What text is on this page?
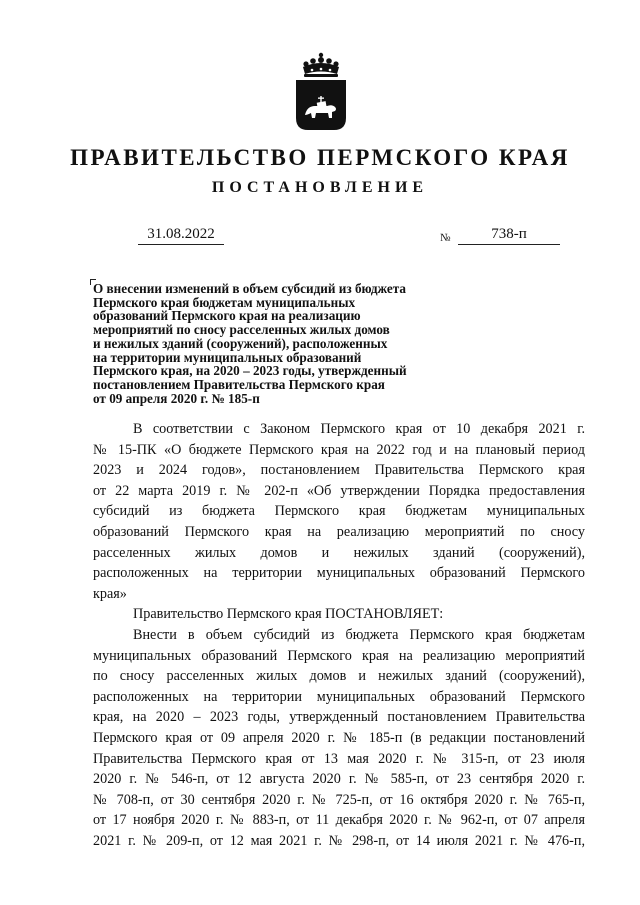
ПРАВИТЕЛЬСТВО ПЕРМСКОГО КРАЯ
ПОСТАНОВЛЕНИЕ
31.08.2022	№	738-п
О внесении изменений в объем субсидий из бюджета
Пермского края бюджетам муниципальных
образований Пермского края на реализацию
мероприятий по сносу расселенных жилых домов
и нежилых зданий (сооружений), расположенных
на территории муниципальных образований
Пермского края, на 2020 – 2023 годы, утвержденный
постановлением Правительства Пермского края
от 09 апреля 2020 г. № 185-п
В соответствии с Законом Пермского края от 10 декабря 2021 г.
№ 15-ПК «О бюджете Пермского края на 2022 год и на плановый период
2023 и 2024 годов», постановлением Правительства Пермского края
от 22 марта 2019 г. № 202-п «Об утверждении Порядка предоставления
субсидий из бюджета Пермского края бюджетам муниципальных
образований Пермского края на реализацию мероприятий по сносу
расселенных жилых домов и нежилых зданий (сооружений),
расположенных на территории муниципальных образований Пермского
края»
Правительство Пермского края ПОСТАНОВЛЯЕТ:
Внести в объем субсидий из бюджета Пермского края бюджетам
муниципальных образований Пермского края на реализацию мероприятий
по сносу расселенных жилых домов и нежилых зданий (сооружений),
расположенных на территории муниципальных образований Пермского
края, на 2020 – 2023 годы, утвержденный постановлением Правительства
Пермского края от 09 апреля 2020 г. № 185-п (в редакции постановлений
Правительства Пермского края от 13 мая 2020 г. № 315-п, от 23 июля
2020 г. № 546-п, от 12 августа 2020 г. № 585-п, от 23 сентября 2020 г.
№ 708-п, от 30 сентября 2020 г. № 725-п, от 16 октября 2020 г. № 765-п,
от 17 ноября 2020 г. № 883-п, от 11 декабря 2020 г. № 962-п, от 07 апреля
2021 г. № 209-п, от 12 мая 2021 г. № 298-п, от 14 июля 2021 г. № 476-п,
